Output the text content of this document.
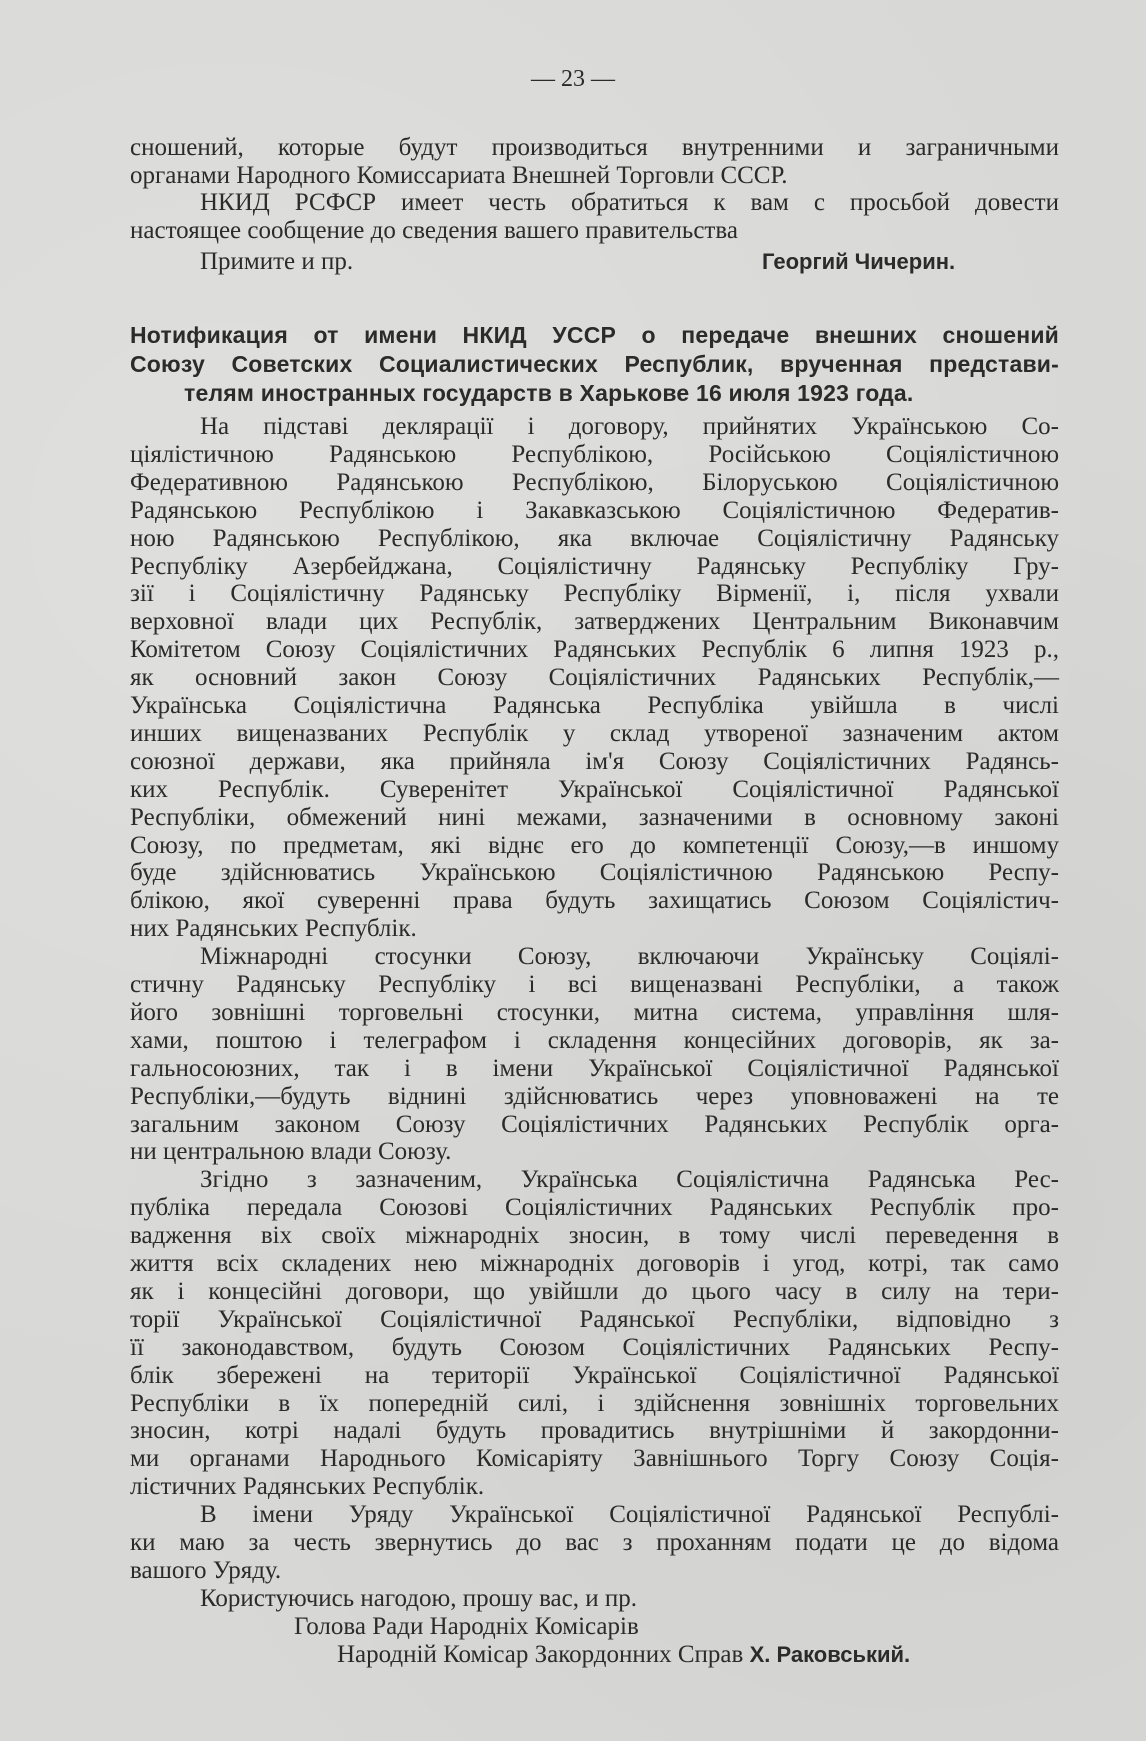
— 23 —
сношений, которые будут производиться внутренними и заграничными
органами Народного Комиссариата Внешней Торговли СССР.
НКИД РСФСР имеет честь обратиться к вам с просьбой довести
настоящее сообщение до сведения вашего правительства
Примите и пр.	Георгий Чичерин.
Нотификация от имени НКИД УССР о передаче внешних сношений
Союзу Советских Социалистических Республик, врученная представи-
телям иностранных государств в Харькове 16 июля 1923 года.
На підставі деклярації і договору, прийнятих Українською Со-
ціялістичною Радянською Республікою, Російською Соціялістичною
Федеративною Радянською Республікою, Білоруською Соціялістичною
Радянською Республікою і Закавказською Соціялістичною Федератив-
ною Радянською Республікою, яка включае Соціялістичну Радянську
Республіку Азербейджана, Соціялістичну Радянську Республіку Гру-
зії і Соціялістичну Радянську Республіку Вірменії, і, після ухвали
верховної влади цих Республік, затверджених Центральним Виконавчим
Комітетом Союзу Соціялістичних Радянських Республік 6 липня 1923 р.,
як основний закон Союзу Соціялістичних Радянських Республік,—
Українська Соціялістична Радянська Республіка увійшла в числі
инших вищеназваних Республік у склад утвореної зазначеним актом
союзної держави, яка прийняла ім'я Союзу Соціялістичних Радянсь-
ких Республік. Суверенітет Української Соціялістичної Радянської
Республіки, обмежений нині межами, зазначеними в основному законі
Союзу, по предметам, які віднє его до компетенції Союзу,—в иншому
буде здійснюватись Українською Соціялістичною Радянською Респу-
блікою, якої суверенні права будуть захищатись Союзом Соціялістич-
них Радянських Республік.
Міжнародні стосунки Союзу, включаючи Українську Соціялі-
стичну Радянську Республіку і всі вищеназвані Республіки, а також
його зовнішні торговельні стосунки, митна система, управління шля-
хами, поштою і телеграфом і складення концесійних договорів, як за-
гальносоюзних, так і в імени Української Соціялістичної Радянської
Республіки,—будуть віднині здійснюватись через уповноважені на те
загальним законом Союзу Соціялістичних Радянських Республік орга-
ни центральною влади Союзу.
Згідно з зазначеним, Українська Соціялістична Радянська Рес-
публіка передала Союзові Соціялістичних Радянських Республік про-
вадження віх своїх міжнародніх зносин, в тому числі переведення в
життя всіх складених нею міжнародніх договорів і угод, котрі, так само
як і концесійні договори, що увійшли до цього часу в силу на тери-
торії Української Соціялістичної Радянської Республіки, відповідно з
її законодавством, будуть Союзом Соціялістичних Радянських Респу-
блік збережені на території Української Соціялістичної Радянської
Республіки в їх попередній силі, і здійснення зовнішніх торговельних
зносин, котрі надалі будуть провадитись внутрішніми й закордонни-
ми органами Народнього Комісаріяту Завнішнього Торгу Союзу Соція-
лістичних Радянських Республік.
В імени Уряду Української Соціялістичної Радянської Республі-
ки маю за честь звернутись до вас з проханням подати це до відома
вашого Уряду.
Користуючись нагодою, прошу вас, и пр.
Голова Ради Народніх Комісарів
Народній Комісар Закордонних Справ Х. Раковський.
